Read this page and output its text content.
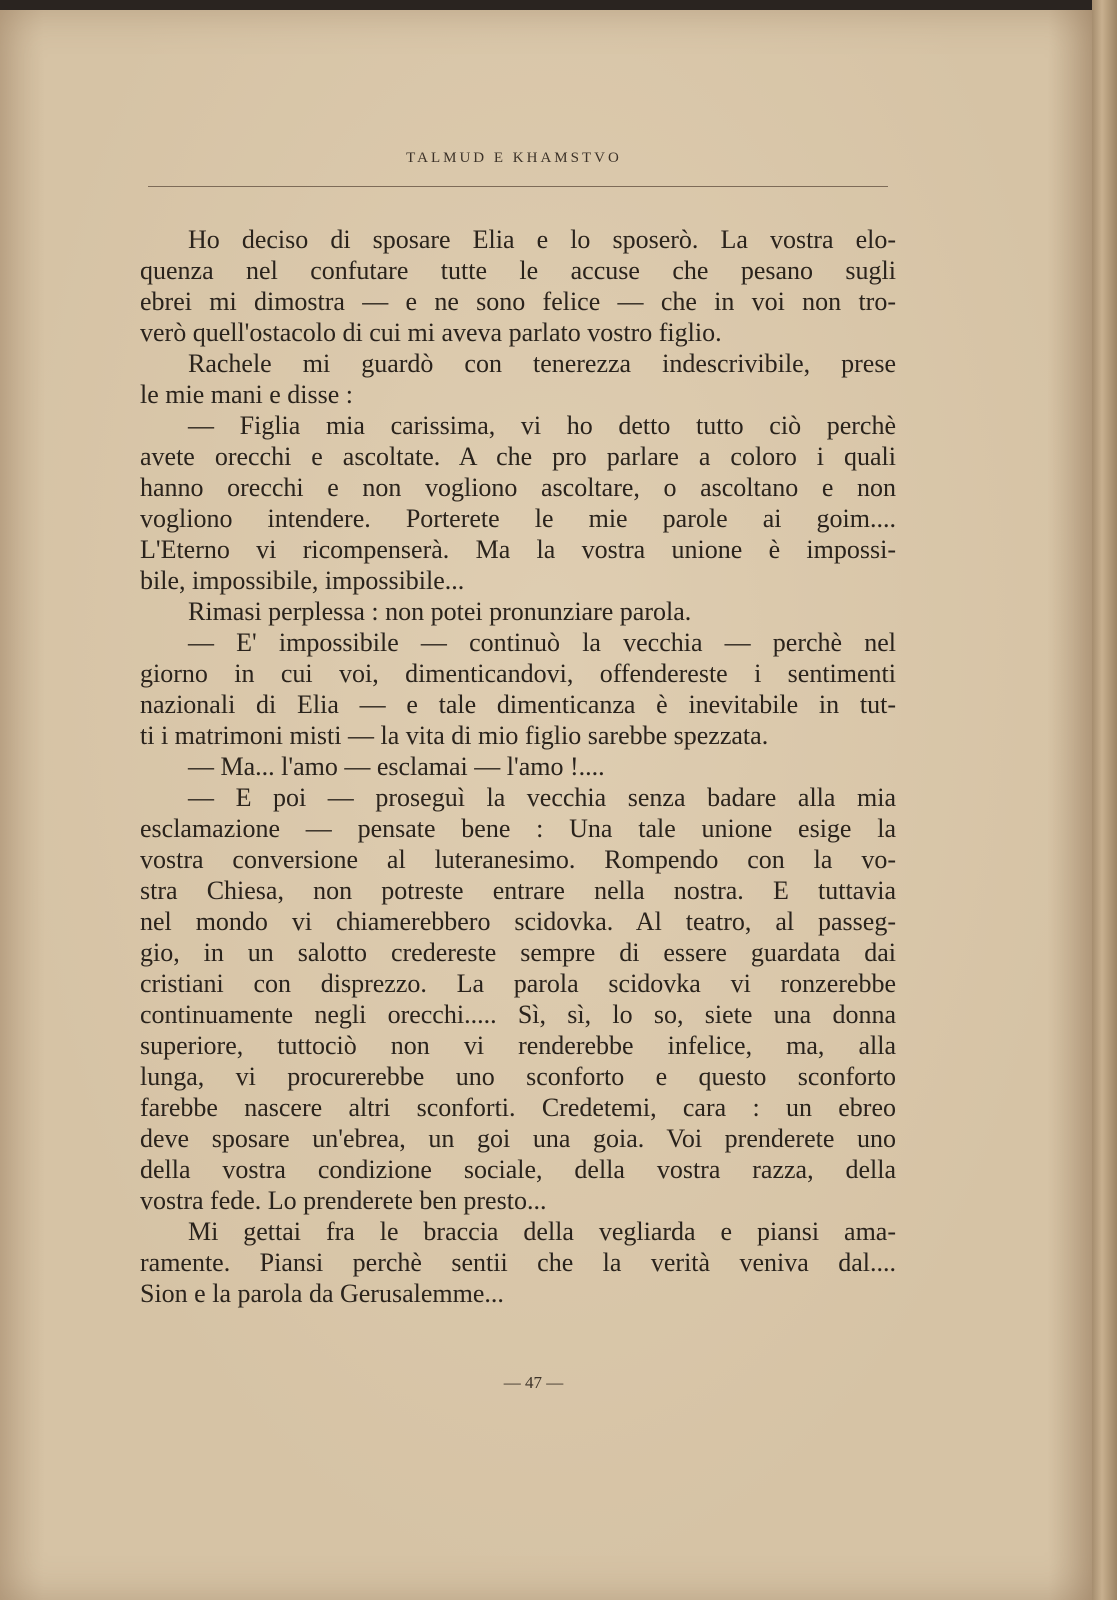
TALMUD E KHAMSTVO
Ho deciso di sposare Elia e lo sposerò. La vostra elo-
quenza nel confutare tutte le accuse che pesano sugli
ebrei mi dimostra — e ne sono felice — che in voi non tro-
verò quell'ostacolo di cui mi aveva parlato vostro figlio.
Rachele mi guardò con tenerezza indescrivibile, prese
le mie mani e disse :
— Figlia mia carissima, vi ho detto tutto ciò perchè
avete orecchi e ascoltate. A che pro parlare a coloro i quali
hanno orecchi e non vogliono ascoltare, o ascoltano e non
vogliono intendere. Porterete le mie parole ai goim....
L'Eterno vi ricompenserà. Ma la vostra unione è impossi-
bile, impossibile, impossibile...
Rimasi perplessa : non potei pronunziare parola.
— E' impossibile — continuò la vecchia — perchè nel
giorno in cui voi, dimenticandovi, offendereste i sentimenti
nazionali di Elia — e tale dimenticanza è inevitabile in tut-
ti i matrimoni misti — la vita di mio figlio sarebbe spezzata.
— Ma... l'amo — esclamai — l'amo !....
— E poi — proseguì la vecchia senza badare alla mia
esclamazione — pensate bene : Una tale unione esige la
vostra conversione al luteranesimo. Rompendo con la vo-
stra Chiesa, non potreste entrare nella nostra. E tuttavia
nel mondo vi chiamerebbero scidovka. Al teatro, al passeg-
gio, in un salotto credereste sempre di essere guardata dai
cristiani con disprezzo. La parola scidovka vi ronzerebbe
continuamente negli orecchi..... Sì, sì, lo so, siete una donna
superiore, tuttociò non vi renderebbe infelice, ma, alla
lunga, vi procurerebbe uno sconforto e questo sconforto
farebbe nascere altri sconforti. Credetemi, cara : un ebreo
deve sposare un'ebrea, un goi una goia. Voi prenderete uno
della vostra condizione sociale, della vostra razza, della
vostra fede. Lo prenderete ben presto...
Mi gettai fra le braccia della vegliarda e piansi ama-
ramente. Piansi perchè sentii che la verità veniva dal....
Sion e la parola da Gerusalemme...
— 47 —
